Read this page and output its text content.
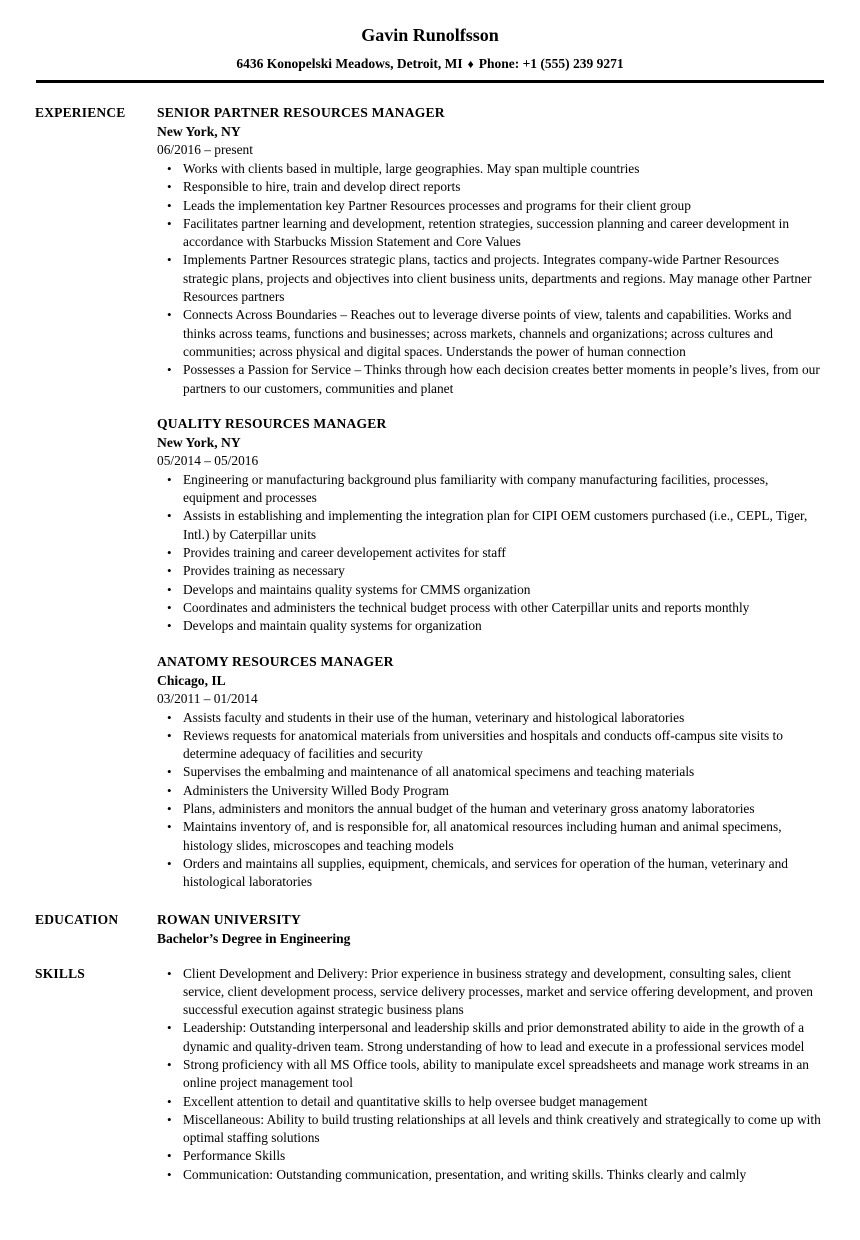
Gavin Runolfsson
6436 Konopelski Meadows, Detroit, MI ♦ Phone: +1 (555) 239 9271
EXPERIENCE	SENIOR PARTNER RESOURCES MANAGER
New York, NY
06/2016 – present
• Works with clients based in multiple, large geographies. May span multiple countries
• Responsible to hire, train and develop direct reports
• Leads the implementation key Partner Resources processes and programs for their client group
• Facilitates partner learning and development, retention strategies, succession planning and career development in accordance with Starbucks Mission Statement and Core Values
• Implements Partner Resources strategic plans, tactics and projects. Integrates company-wide Partner Resources strategic plans, projects and objectives into client business units, departments and regions. May manage other Partner Resources partners
• Connects Across Boundaries – Reaches out to leverage diverse points of view, talents and capabilities. Works and thinks across teams, functions and businesses; across markets, channels and organizations; across cultures and communities; across physical and digital spaces. Understands the power of human connection
• Possesses a Passion for Service – Thinks through how each decision creates better moments in people’s lives, from our partners to our customers, communities and planet
QUALITY RESOURCES MANAGER
New York, NY
05/2014 – 05/2016
• Engineering or manufacturing background plus familiarity with company manufacturing facilities, processes, equipment and processes
• Assists in establishing and implementing the integration plan for CIPI OEM customers purchased (i.e., CEPL, Tiger, Intl.) by Caterpillar units
• Provides training and career developement activites for staff
• Provides training as necessary
• Develops and maintains quality systems for CMMS organization
• Coordinates and administers the technical budget process with other Caterpillar units and reports monthly
• Develops and maintain quality systems for organization
ANATOMY RESOURCES MANAGER
Chicago, IL
03/2011 – 01/2014
• Assists faculty and students in their use of the human, veterinary and histological laboratories
• Reviews requests for anatomical materials from universities and hospitals and conducts off-campus site visits to determine adequacy of facilities and security
• Supervises the embalming and maintenance of all anatomical specimens and teaching materials
• Administers the University Willed Body Program
• Plans, administers and monitors the annual budget of the human and veterinary gross anatomy laboratories
• Maintains inventory of, and is responsible for, all anatomical resources including human and animal specimens, histology slides, microscopes and teaching models
• Orders and maintains all supplies, equipment, chemicals, and services for operation of the human, veterinary and histological laboratories
EDUCATION	ROWAN UNIVERSITY
Bachelor’s Degree in Engineering
SKILLS	• Client Development and Delivery: Prior experience in business strategy and development, consulting sales, client service, client development process, service delivery processes, market and service offering development, and proven successful execution against strategic business plans
• Leadership: Outstanding interpersonal and leadership skills and prior demonstrated ability to aide in the growth of a dynamic and quality-driven team. Strong understanding of how to lead and execute in a professional services model
• Strong proficiency with all MS Office tools, ability to manipulate excel spreadsheets and manage work streams in an online project management tool
• Excellent attention to detail and quantitative skills to help oversee budget management
• Miscellaneous: Ability to build trusting relationships at all levels and think creatively and strategically to come up with optimal staffing solutions
• Performance Skills
• Communication: Outstanding communication, presentation, and writing skills. Thinks clearly and calmly
